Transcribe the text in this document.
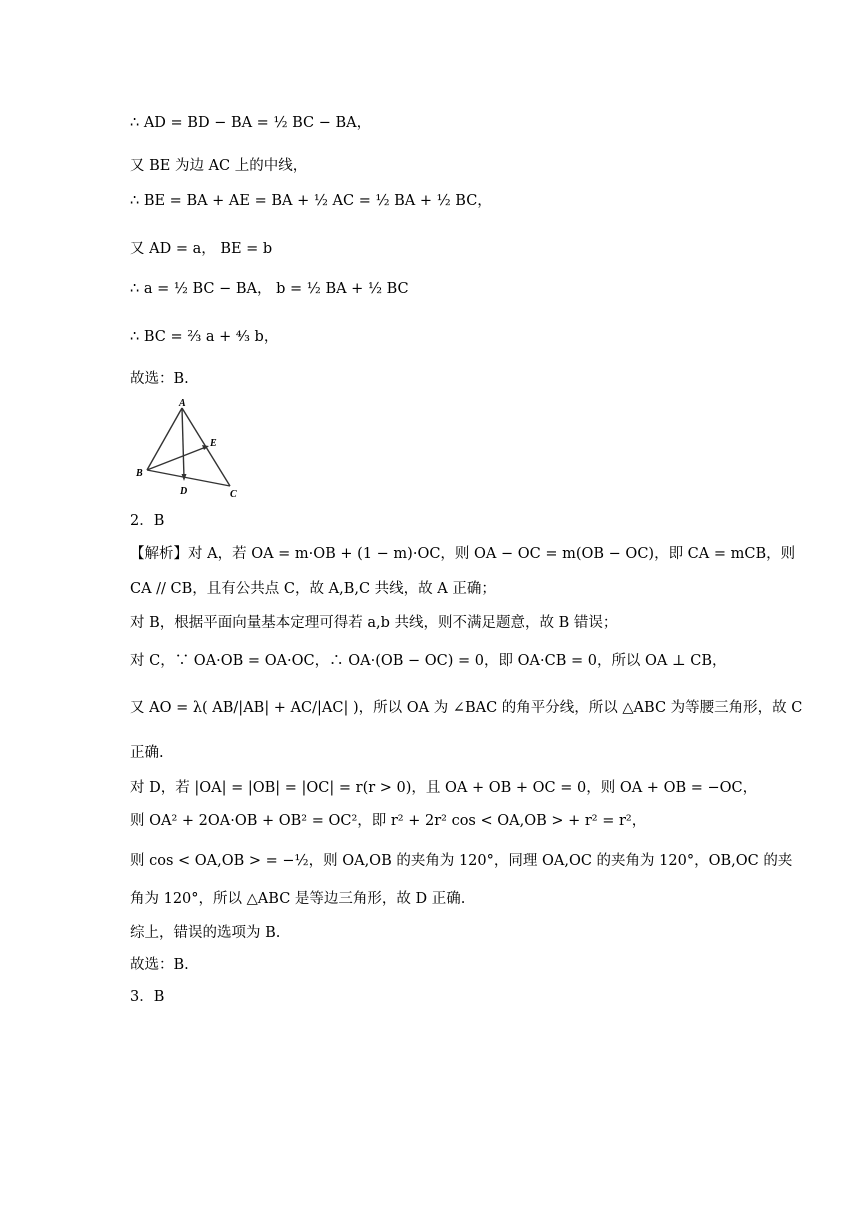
∴ AD = BD − BA = ½ BC − BA，
又 BE 为边 AC 上的中线，
∴ BE = BA + AE = BA + ½ AC = ½ BA + ½ BC，
又 AD = a， BE = b
∴ a = ½ BC − BA， b = ½ BA + ½ BC
∴ BC = ⅔ a + ⁴⁄₃ b，
故选：B.
A
B
C
D
E
2．B
【解析】对 A，若 OA = m·OB + (1 − m)·OC，则 OA − OC = m(OB − OC)，即 CA = mCB，则
CA // CB，且有公共点 C，故 A,B,C 共线，故 A 正确；
对 B，根据平面向量基本定理可得若 a,b 共线，则不满足题意，故 B 错误；
对 C，∵ OA·OB = OA·OC，∴ OA·(OB − OC) = 0，即 OA·CB = 0，所以 OA ⊥ CB，
又 AO = λ( AB/|AB| + AC/|AC| )，所以 OA 为 ∠BAC 的角平分线，所以 △ABC 为等腰三角形，故 C
正确.
对 D，若 |OA| = |OB| = |OC| = r(r > 0)，且 OA + OB + OC = 0，则 OA + OB = −OC，
则 OA² + 2OA·OB + OB² = OC²，即 r² + 2r² cos < OA,OB > + r² = r²，
则 cos < OA,OB > = −½，则 OA,OB 的夹角为 120°，同理 OA,OC 的夹角为 120°，OB,OC 的夹
角为 120°，所以 △ABC 是等边三角形，故 D 正确.
综上，错误的选项为 B.
故选：B.
3．B
